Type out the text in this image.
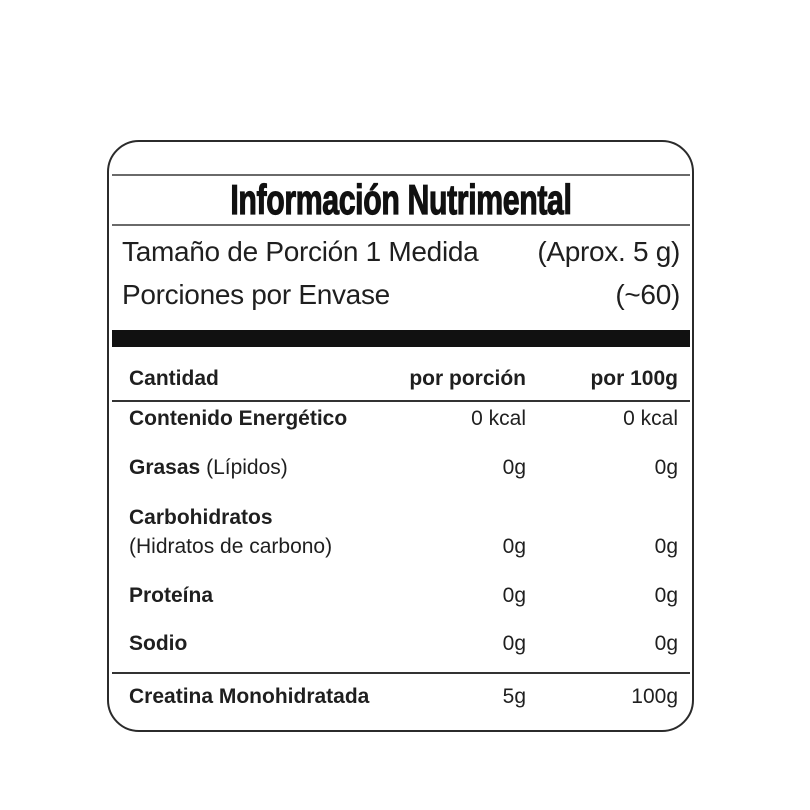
Información Nutrimental
Tamaño de Porción 1 Medida (Aprox. 5 g)
Porciones por Envase	(~60)
Cantidad	por porción	por 100g
Contenido Energético	0 kcal	0 kcal
Grasas (Lípidos)	0g	0g
Carbohidratos
(Hidratos de carbono)	0g	0g
Proteína	0g	0g
Sodio	0g	0g
Creatina Monohidratada	5g	100g
